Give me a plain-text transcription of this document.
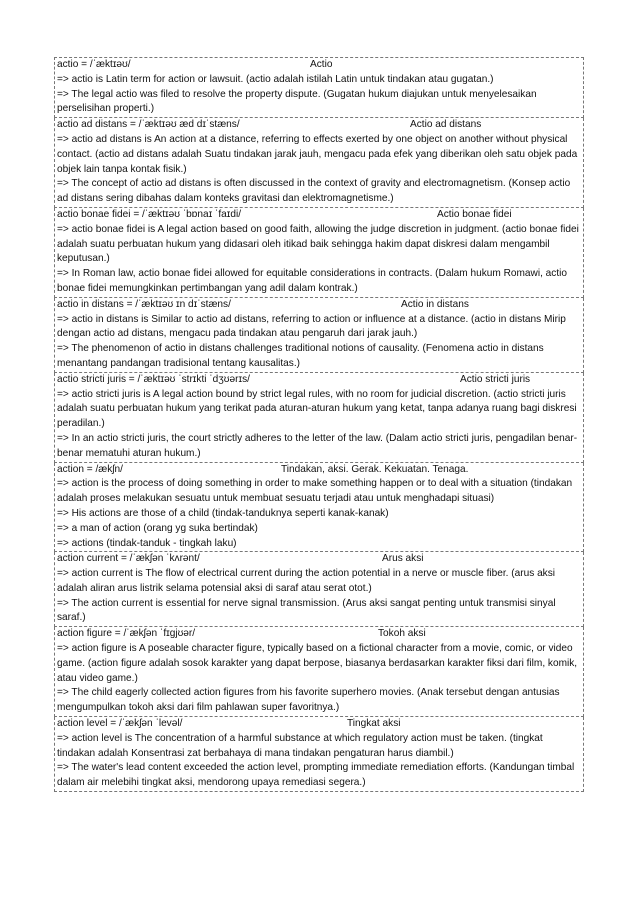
actio = /ˈæktɪəʊ/	Actio
=> actio is Latin term for action or lawsuit. (actio adalah istilah Latin untuk tindakan atau gugatan.)
=> The legal actio was filed to resolve the property dispute. (Gugatan hukum diajukan untuk menyelesaikan perselisihan properti.)
actio ad distans = /ˈæktɪəʊ æd dɪˈstæns/	Actio ad distans
=> actio ad distans is An action at a distance, referring to effects exerted by one object on another without physical contact. (actio ad distans adalah Suatu tindakan jarak jauh, mengacu pada efek yang diberikan oleh satu objek pada objek lain tanpa kontak fisik.)
=> The concept of actio ad distans is often discussed in the context of gravity and electromagnetism. (Konsep actio ad distans sering dibahas dalam konteks gravitasi dan elektromagnetisme.)
actio bonae fidei = /ˈæktɪəʊ ˈbɒnaɪ ˈfaɪdi/	Actio bonae fidei
=> actio bonae fidei is A legal action based on good faith, allowing the judge discretion in judgment. (actio bonae fidei adalah suatu perbuatan hukum yang didasari oleh itikad baik sehingga hakim dapat diskresi dalam mengambil keputusan.)
=> In Roman law, actio bonae fidei allowed for equitable considerations in contracts. (Dalam hukum Romawi, actio bonae fidei memungkinkan pertimbangan yang adil dalam kontrak.)
actio in distans = /ˈæktɪəʊ ɪn dɪˈstæns/	Actio in distans
=> actio in distans is Similar to actio ad distans, referring to action or influence at a distance. (actio in distans Mirip dengan actio ad distans, mengacu pada tindakan atau pengaruh dari jarak jauh.)
=> The phenomenon of actio in distans challenges traditional notions of causality. (Fenomena actio in distans menantang pandangan tradisional tentang kausalitas.)
actio stricti juris = /ˈæktɪəʊ ˈstrɪkti ˈdʒʊərɪs/	Actio stricti juris
=> actio stricti juris is A legal action bound by strict legal rules, with no room for judicial discretion. (actio stricti juris adalah suatu perbuatan hukum yang terikat pada aturan-aturan hukum yang ketat, tanpa adanya ruang bagi diskresi peradilan.)
=> In an actio stricti juris, the court strictly adheres to the letter of the law. (Dalam actio stricti juris, pengadilan benar-benar mematuhi aturan hukum.)
action = /ækʃn/	Tindakan, aksi. Gerak. Kekuatan. Tenaga.
=> action is the process of doing something in order to make something happen or to deal with a situation (tindakan adalah proses melakukan sesuatu untuk membuat sesuatu terjadi atau untuk menghadapi situasi)
=> His actions are those of a child (tindak-tanduknya seperti kanak-kanak)
=> a man of action (orang yg suka bertindak)
=> actions (tindak-tanduk - tingkah laku)
action current = /ˈækʃən ˈkʌrənt/	Arus aksi
=> action current is The flow of electrical current during the action potential in a nerve or muscle fiber. (arus aksi adalah aliran arus listrik selama potensial aksi di saraf atau serat otot.)
=> The action current is essential for nerve signal transmission. (Arus aksi sangat penting untuk transmisi sinyal saraf.)
action figure = /ˈækʃən ˈfɪgjʊər/	Tokoh aksi
=> action figure is A poseable character figure, typically based on a fictional character from a movie, comic, or video game. (action figure adalah sosok karakter yang dapat berpose, biasanya berdasarkan karakter fiksi dari film, komik, atau video game.)
=> The child eagerly collected action figures from his favorite superhero movies. (Anak tersebut dengan antusias mengumpulkan tokoh aksi dari film pahlawan super favoritnya.)
action level = /ˈækʃən ˈlevəl/	Tingkat aksi
=> action level is The concentration of a harmful substance at which regulatory action must be taken. (tingkat tindakan adalah Konsentrasi zat berbahaya di mana tindakan pengaturan harus diambil.)
=> The water's lead content exceeded the action level, prompting immediate remediation efforts. (Kandungan timbal dalam air melebihi tingkat aksi, mendorong upaya remediasi segera.)
